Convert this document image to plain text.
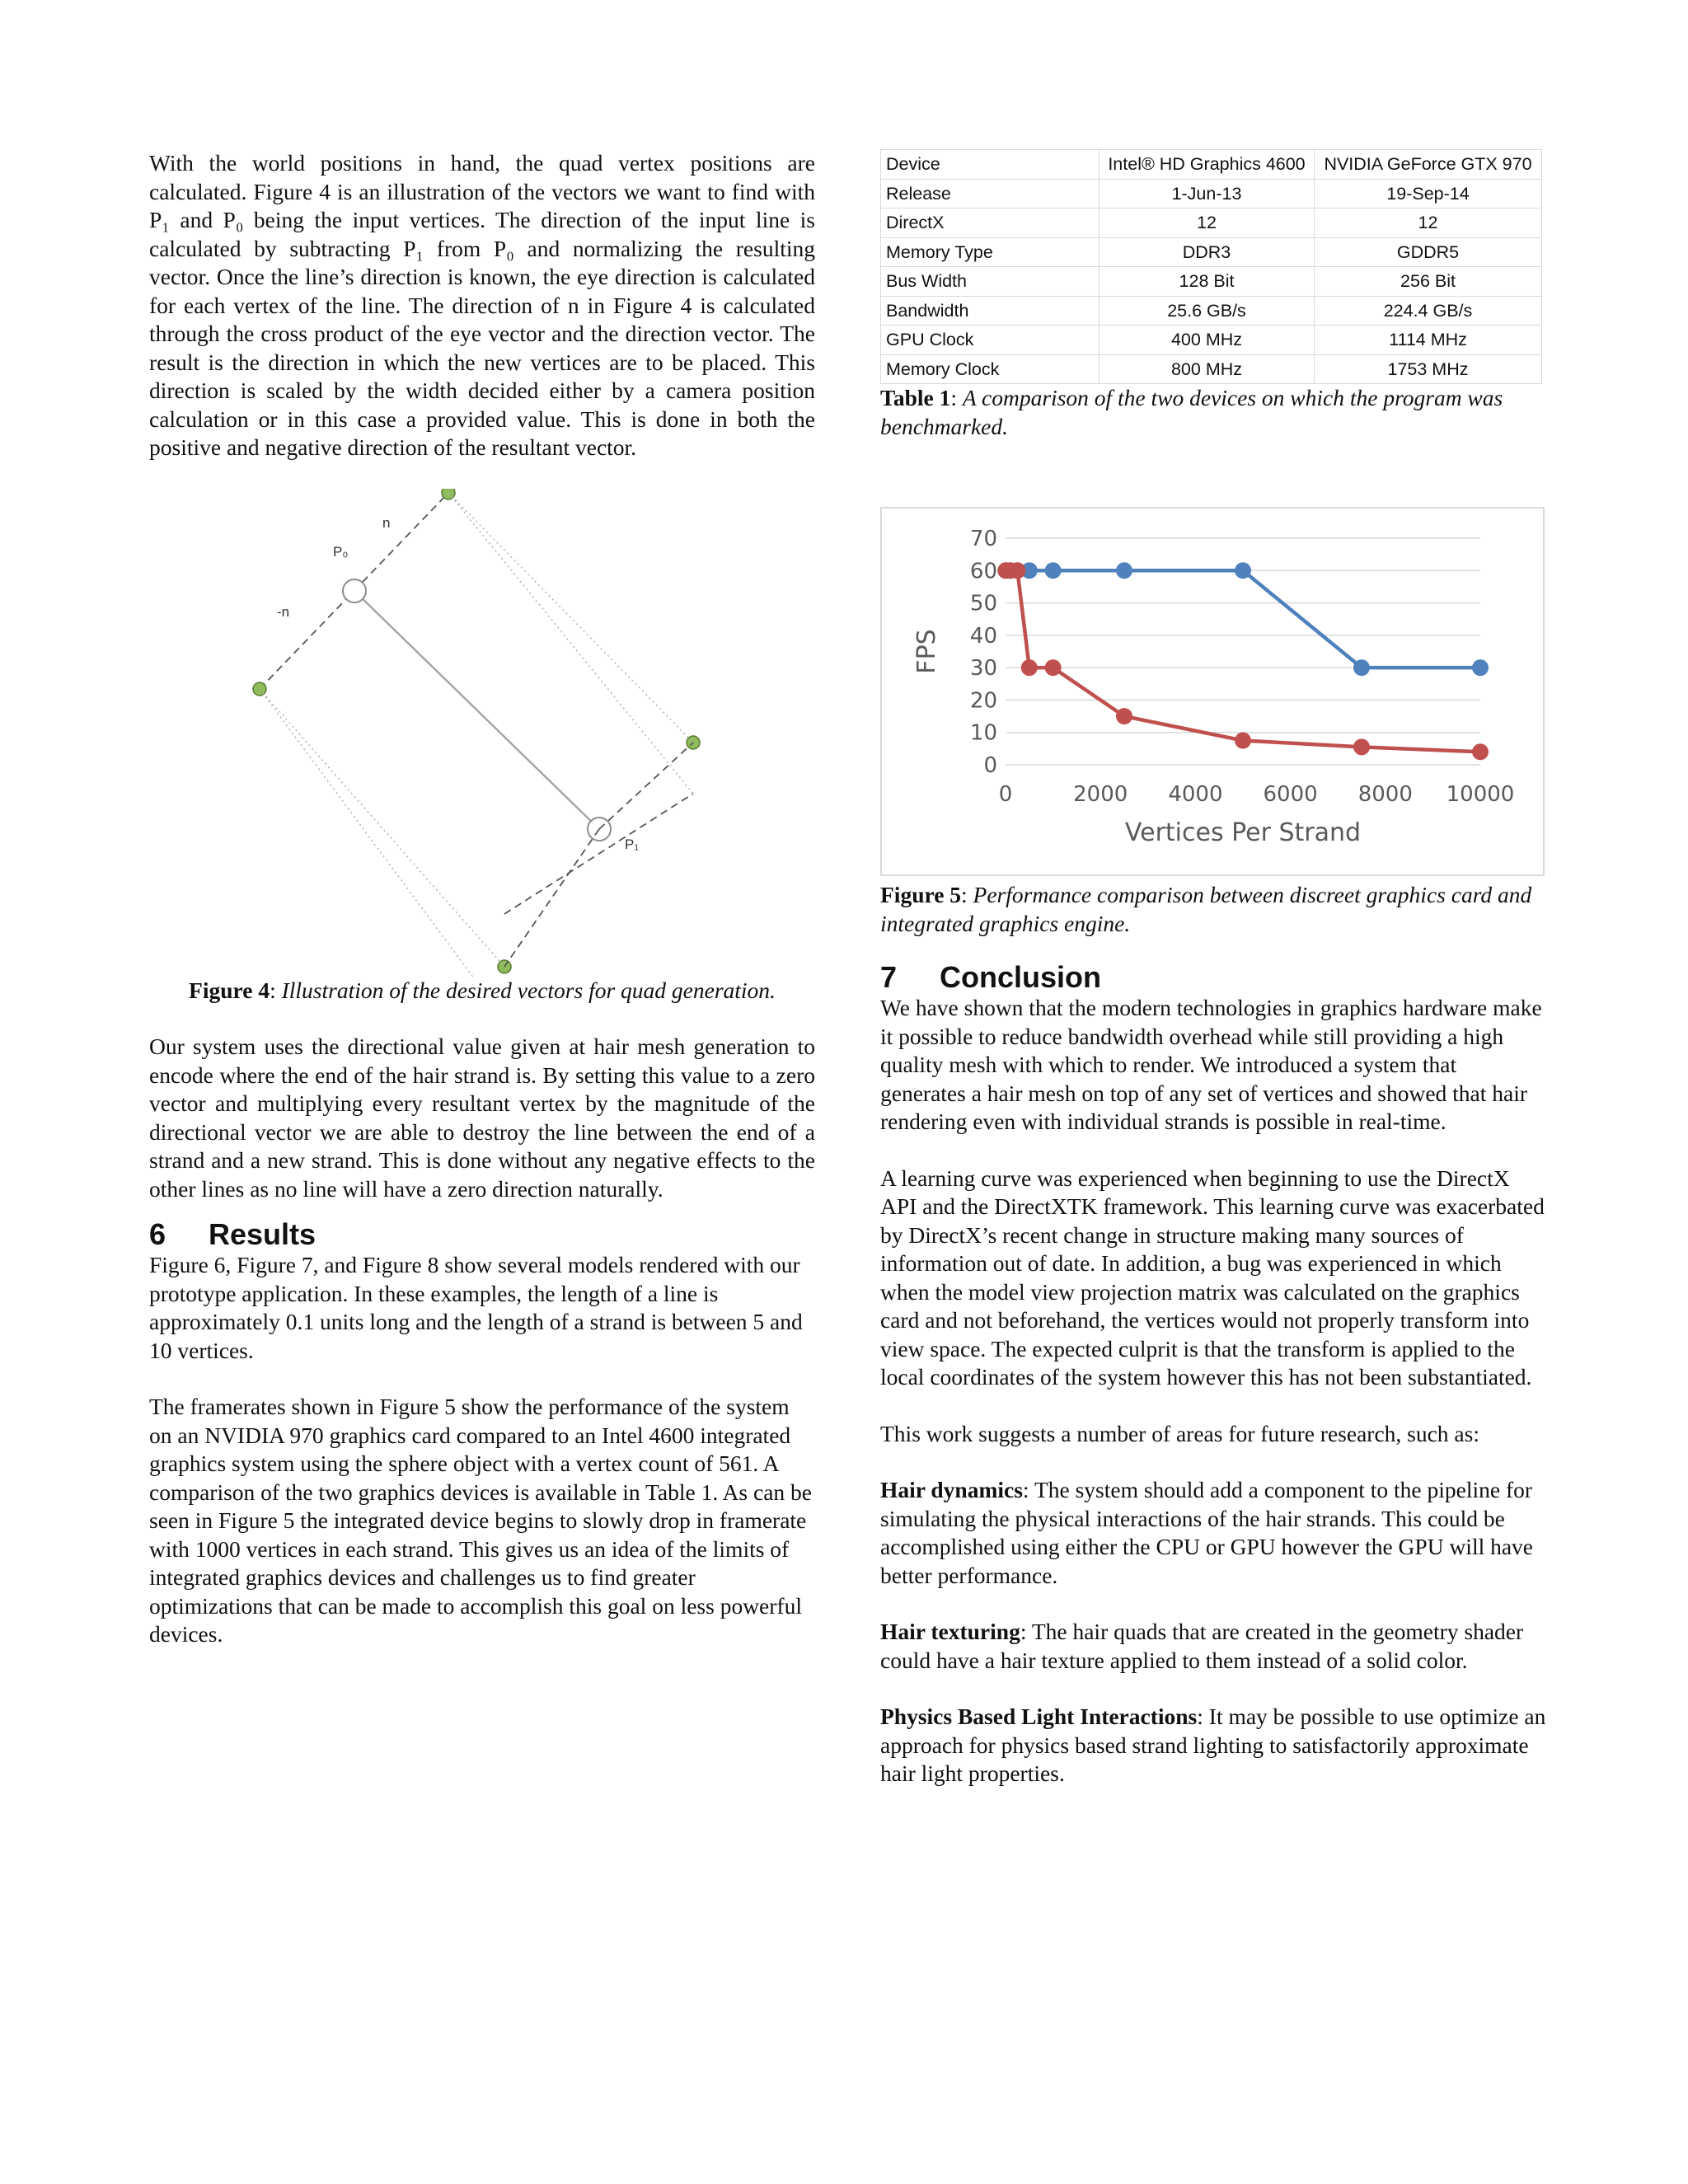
With the world positions in hand, the quad vertex positions are calculated. Figure 4 is an illustration of the vectors we want to find with P₁ and P₀ being the input vertices. The direction of the input line is calculated by subtracting P₁ from P₀ and normalizing the resulting vector. Once the line’s direction is known, the eye direction is calculated for each vertex of the line. The direction of n in Figure 4 is calculated through the cross product of the eye vector and the direction vector. The result is the direction in which the new vertices are to be placed. This direction is scaled by the width decided either by a camera position calculation or in this case a provided value. This is done in both the positive and negative direction of the resultant vector.

n
-n
P₀
P₁

Figure 4: Illustration of the desired vectors for quad generation.

Our system uses the directional value given at hair mesh generation to encode where the end of the hair strand is. By setting this value to a zero vector and multiplying every resultant vertex by the magnitude of the directional vector we are able to destroy the line between the end of a strand and a new strand. This is done without any negative effects to the other lines as no line will have a zero direction naturally.

6 Results

Figure 6, Figure 7, and Figure 8 show several models rendered with our prototype application. In these examples, the length of a line is approximately 0.1 units long and the length of a strand is between 5 and 10 vertices.

The framerates shown in Figure 5 show the performance of the system on an NVIDIA 970 graphics card compared to an Intel 4600 integrated graphics system using the sphere object with a vertex count of 561. A comparison of the two graphics devices is available in Table 1. As can be seen in Figure 5 the integrated device begins to slowly drop in framerate with 1000 vertices in each strand. This gives us an idea of the limits of integrated graphics devices and challenges us to find greater optimizations that can be made to accomplish this goal on less powerful devices.

Device	Intel® HD Graphics 4600	NVIDIA GeForce GTX 970
Release	1-Jun-13	19-Sep-14
DirectX	12	12
Memory Type	DDR3	GDDR5
Bus Width	128 Bit	256 Bit
Bandwidth	25.6 GB/s	224.4 GB/s
GPU Clock	400 MHz	1114 MHz
Memory Clock	800 MHz	1753 MHz

Table 1: A comparison of the two devices on which the program was benchmarked.

0
10
20
30
40
50
60
70
0	2000 4000 6000 8000 10000
Vertices Per Strand
FPS

Figure 5: Performance comparison between discreet graphics card and integrated graphics engine.

7 Conclusion

We have shown that the modern technologies in graphics hardware make it possible to reduce bandwidth overhead while still providing a high quality mesh with which to render. We introduced a system that generates a hair mesh on top of any set of vertices and showed that hair rendering even with individual strands is possible in real-time.

A learning curve was experienced when beginning to use the DirectX API and the DirectXTK framework. This learning curve was exacerbated by DirectX’s recent change in structure making many sources of information out of date. In addition, a bug was experienced in which when the model view projection matrix was calculated on the graphics card and not beforehand, the vertices would not properly transform into view space. The expected culprit is that the transform is applied to the local coordinates of the system however this has not been substantiated.

This work suggests a number of areas for future research, such as:

Hair dynamics: The system should add a component to the pipeline for simulating the physical interactions of the hair strands. This could be accomplished using either the CPU or GPU however the GPU will have better performance.

Hair texturing: The hair quads that are created in the geometry shader could have a hair texture applied to them instead of a solid color.

Physics Based Light Interactions: It may be possible to use optimize an approach for physics based strand lighting to satisfactorily approximate hair light properties.
